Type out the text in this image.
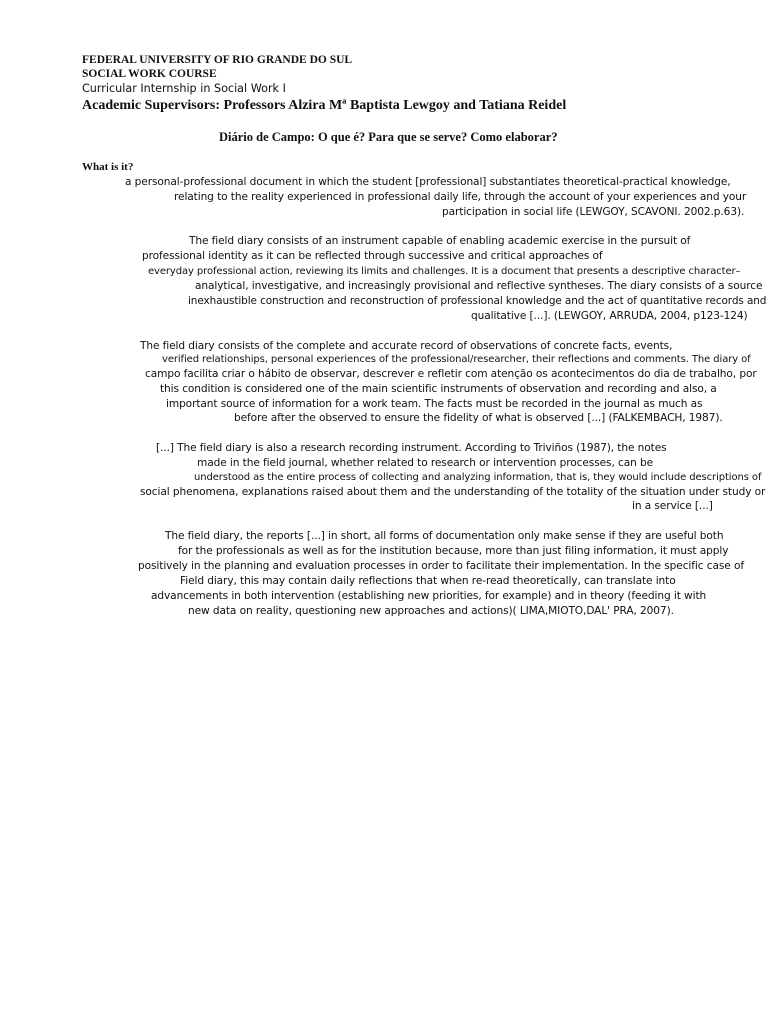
FEDERAL UNIVERSITY OF RIO GRANDE DO SUL
SOCIAL WORK COURSE
Curricular Internship in Social Work I
Academic Supervisors: Professors Alzira Mª Baptista Lewgoy and Tatiana Reidel
Diário de Campo: O que é? Para que se serve? Como elaborar?
What is it?
a personal-professional document in which the student [professional] substantiates theoretical-practical knowledge,
relating to the reality experienced in professional daily life, through the account of your experiences and your
participation in social life (LEWGOY, SCAVONI. 2002.p.63).
The field diary consists of an instrument capable of enabling academic exercise in the pursuit of
professional identity as it can be reflected through successive and critical approaches of
everyday professional action, reviewing its limits and challenges. It is a document that presents a descriptive character–
analytical, investigative, and increasingly provisional and reflective syntheses. The diary consists of a source
inexhaustible construction and reconstruction of professional knowledge and the act of quantitative records and
qualitative [...]. (LEWGOY, ARRUDA, 2004, p123-124)
The field diary consists of the complete and accurate record of observations of concrete facts, events,
verified relationships, personal experiences of the professional/researcher, their reflections and comments. The diary of
campo facilita criar o hábito de observar, descrever e refletir com atenção os acontecimentos do dia de trabalho, por
this condition is considered one of the main scientific instruments of observation and recording and also, a
important source of information for a work team. The facts must be recorded in the journal as much as
before after the observed to ensure the fidelity of what is observed [...] (FALKEMBACH, 1987).
[...] The field diary is also a research recording instrument. According to Triviños (1987), the notes
made in the field journal, whether related to research or intervention processes, can be
understood as the entire process of collecting and analyzing information, that is, they would include descriptions of
social phenomena, explanations raised about them and the understanding of the totality of the situation under study or
in a service [...]
The field diary, the reports [...] in short, all forms of documentation only make sense if they are useful both
for the professionals as well as for the institution because, more than just filing information, it must apply
positively in the planning and evaluation processes in order to facilitate their implementation. In the specific case of
Field diary, this may contain daily reflections that when re-read theoretically, can translate into
advancements in both intervention (establishing new priorities, for example) and in theory (feeding it with
new data on reality, questioning new approaches and actions)( LIMA,MIOTO,DAL' PRA, 2007).
